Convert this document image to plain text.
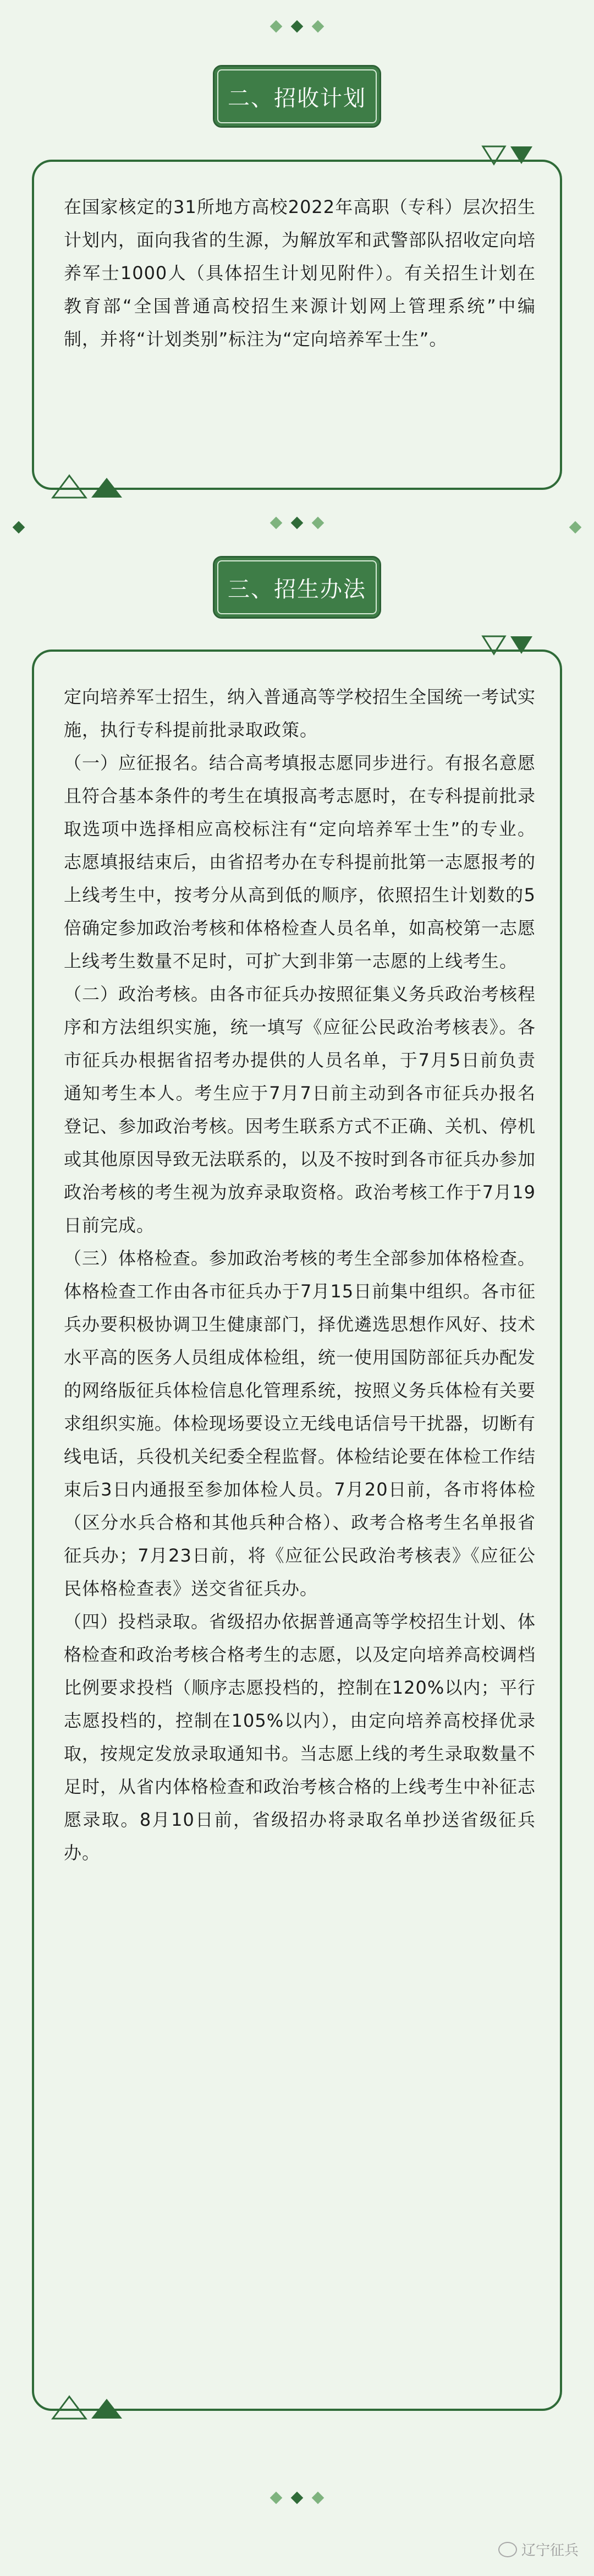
二、招收计划

在国家核定的31所地方高校2022年高职（专科）层次招生计划内，面向我省的生源，为解放军和武警部队招收定向培养军士1000人（具体招生计划见附件）。有关招生计划在教育部“全国普通高校招生来源计划网上管理系统”中编制，并将“计划类别”标注为“定向培养军士生”。

三、招生办法

定向培养军士招生，纳入普通高等学校招生全国统一考试实施，执行专科提前批录取政策。

（一）应征报名。结合高考填报志愿同步进行。有报名意愿且符合基本条件的考生在填报高考志愿时，在专科提前批录取选项中选择相应高校标注有“定向培养军士生”的专业。志愿填报结束后，由省招考办在专科提前批第一志愿报考的上线考生中，按考分从高到低的顺序，依照招生计划数的5倍确定参加政治考核和体格检查人员名单，如高校第一志愿上线考生数量不足时，可扩大到非第一志愿的上线考生。

（二）政治考核。由各市征兵办按照征集义务兵政治考核程序和方法组织实施，统一填写《应征公民政治考核表》。各市征兵办根据省招考办提供的人员名单，于7月5日前负责通知考生本人。考生应于7月7日前主动到各市征兵办报名登记、参加政治考核。因考生联系方式不正确、关机、停机或其他原因导致无法联系的，以及不按时到各市征兵办参加政治考核的考生视为放弃录取资格。政治考核工作于7月19日前完成。

（三）体格检查。参加政治考核的考生全部参加体格检查。体格检查工作由各市征兵办于7月15日前集中组织。各市征兵办要积极协调卫生健康部门，择优遴选思想作风好、技术水平高的医务人员组成体检组，统一使用国防部征兵办配发的网络版征兵体检信息化管理系统，按照义务兵体检有关要求组织实施。体检现场要设立无线电话信号干扰器，切断有线电话，兵役机关纪委全程监督。体检结论要在体检工作结束后3日内通报至参加体检人员。7月20日前，各市将体检（区分水兵合格和其他兵种合格）、政考合格考生名单报省征兵办；7月23日前，将《应征公民政治考核表》《应征公民体格检查表》送交省征兵办。

（四）投档录取。省级招办依据普通高等学校招生计划、体格检查和政治考核合格考生的志愿，以及定向培养高校调档比例要求投档（顺序志愿投档的，控制在120%以内；平行志愿投档的，控制在105%以内），由定向培养高校择优录取，按规定发放录取通知书。当志愿上线的考生录取数量不足时，从省内体格检查和政治考核合格的上线考生中补征志愿录取。8月10日前，省级招办将录取名单抄送省级征兵办。

辽宁征兵
